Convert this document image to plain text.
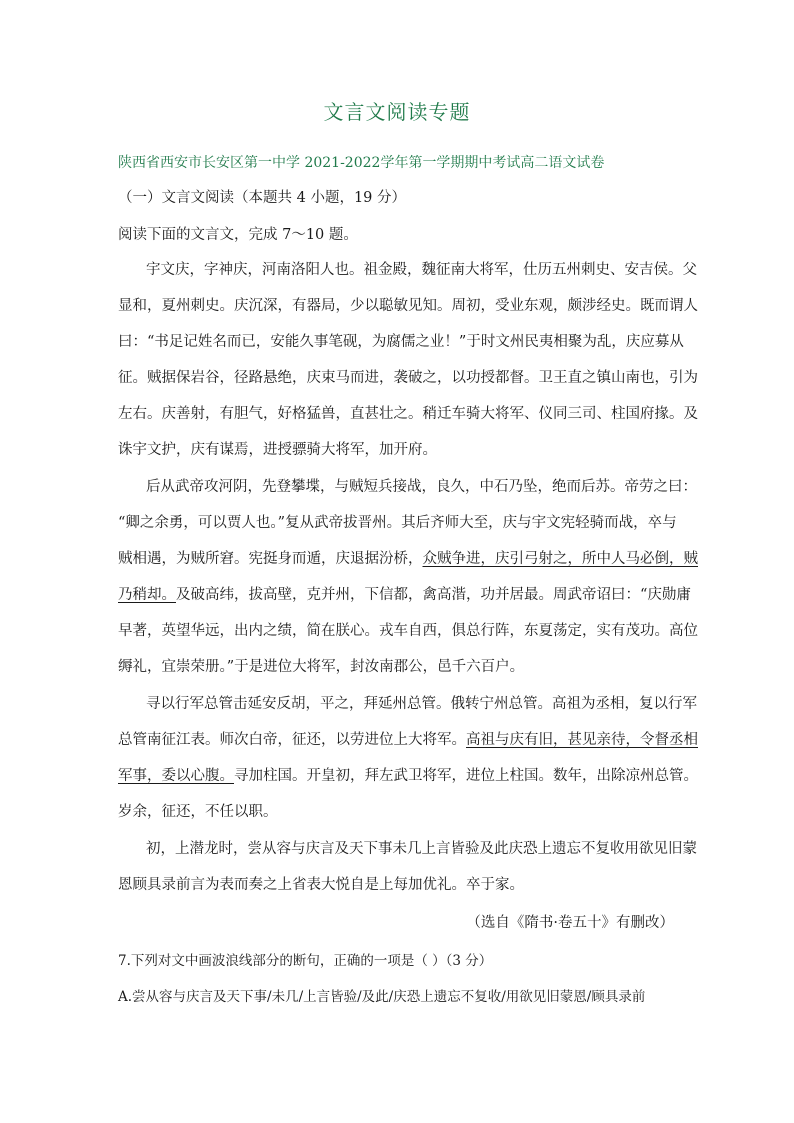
文言文阅读专题
陕西省西安市长安区第一中学 2021-2022学年第一学期期中考试高二语文试卷
（一）文言文阅读（本题共 4 小题，19 分）
阅读下面的文言文，完成 7～10 题。
宇文庆，字神庆，河南洛阳人也。祖金殿，魏征南大将军，仕历五州刺史、安吉侯。父
显和，夏州刺史。庆沉深，有器局，少以聪敏见知。周初，受业东观，颇涉经史。既而谓人
曰：“书足记姓名而已，安能久事笔砚，为腐儒之业！”于时文州民夷相聚为乱，庆应募从
征。贼据保岩谷，径路悬绝，庆束马而进，袭破之，以功授都督。卫王直之镇山南也，引为
左右。庆善射，有胆气，好格猛兽，直甚壮之。稍迁车骑大将军、仪同三司、柱国府掾。及
诛宇文护，庆有谋焉，进授骠骑大将军，加开府。
后从武帝攻河阴，先登攀堞，与贼短兵接战，良久，中石乃坠，绝而后苏。帝劳之曰：
“卿之余勇，可以贾人也。”复从武帝拔晋州。其后齐师大至，庆与宇文宪轻骑而战，卒与
贼相遇，为贼所窘。宪挺身而遁，庆退据汾桥，众贼争进，庆引弓射之，所中人马必倒，贼
乃稍却。及破高纬，拔高壁，克并州，下信都，禽高湝，功并居最。周武帝诏曰：“庆勋庸
早著，英望华远，出内之绩，简在朕心。戎车自西，俱总行阵，东夏荡定，实有茂功。高位
缛礼，宜崇荣册。”于是进位大将军，封汝南郡公，邑千六百户。
寻以行军总管击延安反胡，平之，拜延州总管。俄转宁州总管。高祖为丞相，复以行军
总管南征江表。师次白帝，征还，以劳进位上大将军。高祖与庆有旧，甚见亲待，令督丞相
军事，委以心腹。寻加柱国。开皇初，拜左武卫将军，进位上柱国。数年，出除凉州总管。
岁余，征还，不任以职。
初，上潜龙时，尝从容与庆言及天下事未几上言皆验及此庆恐上遗忘不复收用欲见旧蒙
恩顾具录前言为表而奏之上省表大悦自是上每加优礼。卒于家。
（选自《隋书·卷五十》有删改）
7.下列对文中画波浪线部分的断句，正确的一项是（ ）（3 分）
A.尝从容与庆言及天下事/未几/上言皆验/及此/庆恐上遗忘不复收/用欲见旧蒙恩/顾具录前
